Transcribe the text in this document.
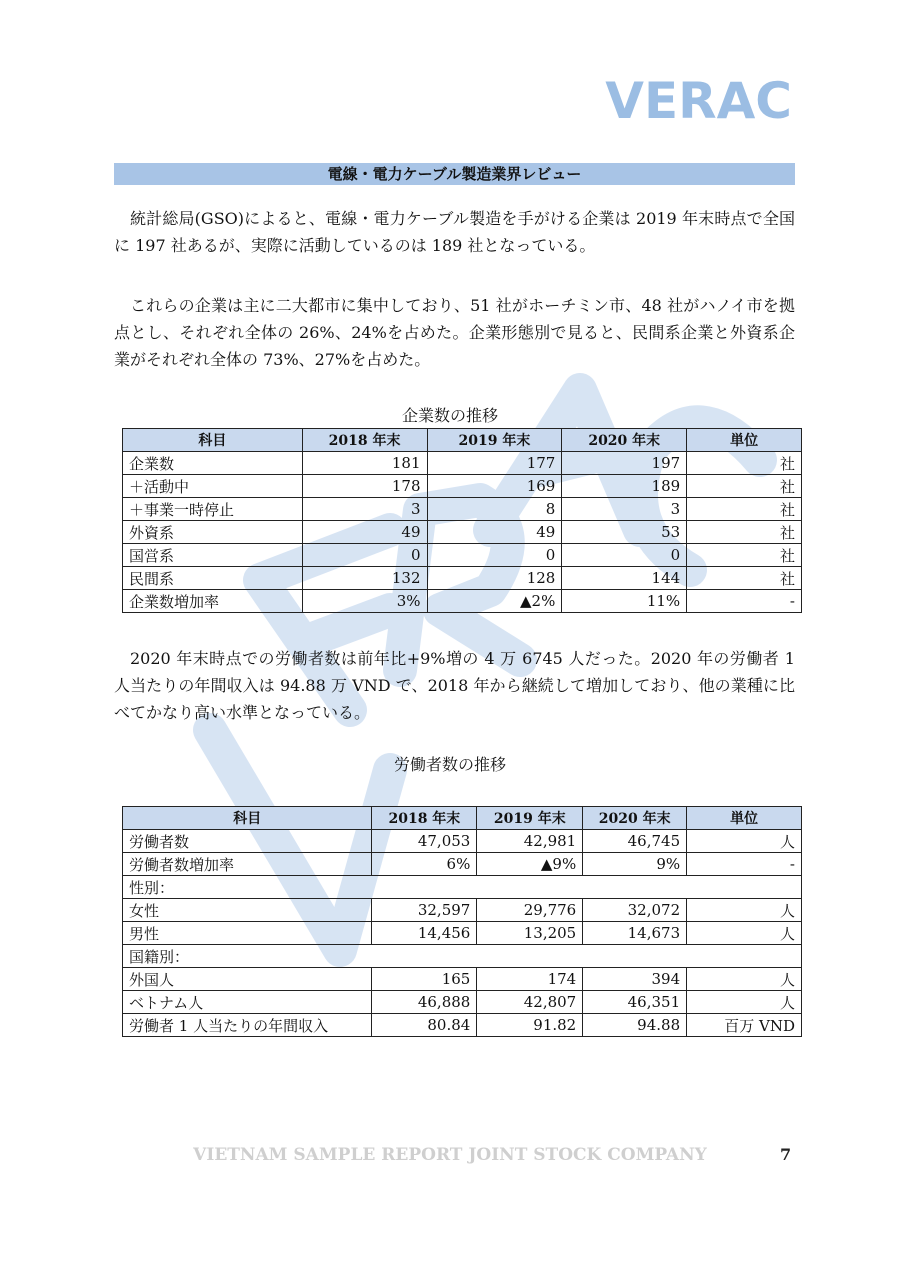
VERAC
電線・電力ケーブル製造業界レビュー

統計総局(GSO)によると、電線・電力ケーブル製造を手がける企業は 2019 年末時点で全国に 197 社あるが、実際に活動しているのは 189 社となっている。

これらの企業は主に二大都市に集中しており、51 社がホーチミン市、48 社がハノイ市を拠点とし、それぞれ全体の 26%、24%を占めた。企業形態別で見ると、民間系企業と外資系企業がそれぞれ全体の 73%、27%を占めた。

企業数の推移
科目	2018 年末	2019 年末	2020 年末	単位
企業数	181	177	197	社
＋活動中	178	169	189	社
＋事業一時停止	3	8	3	社
外資系	49	49	53	社
国営系	0	0	0	社
民間系	132	128	144	社
企業数増加率	3%	▲2%	11%	-

2020 年末時点での労働者数は前年比+9%増の 4 万 6745 人だった。2020 年の労働者 1 人当たりの年間収入は 94.88 万 VND で、2018 年から継続して増加しており、他の業種に比べてかなり高い水準となっている。

労働者数の推移
科目	2018 年末	2019 年末	2020 年末	単位
労働者数	47,053	42,981	46,745	人
労働者数増加率	6%	▲9%	9%	-
性別：				
女性	32,597	29,776	32,072	人
男性	14,456	13,205	14,673	人
国籍別：				
外国人	165	174	394	人
ベトナム人	46,888	42,807	46,351	人
労働者 1 人当たりの年間収入	80.84	91.82	94.88	百万 VND
VIETNAM SAMPLE REPORT JOINT STOCK COMPANY	7
